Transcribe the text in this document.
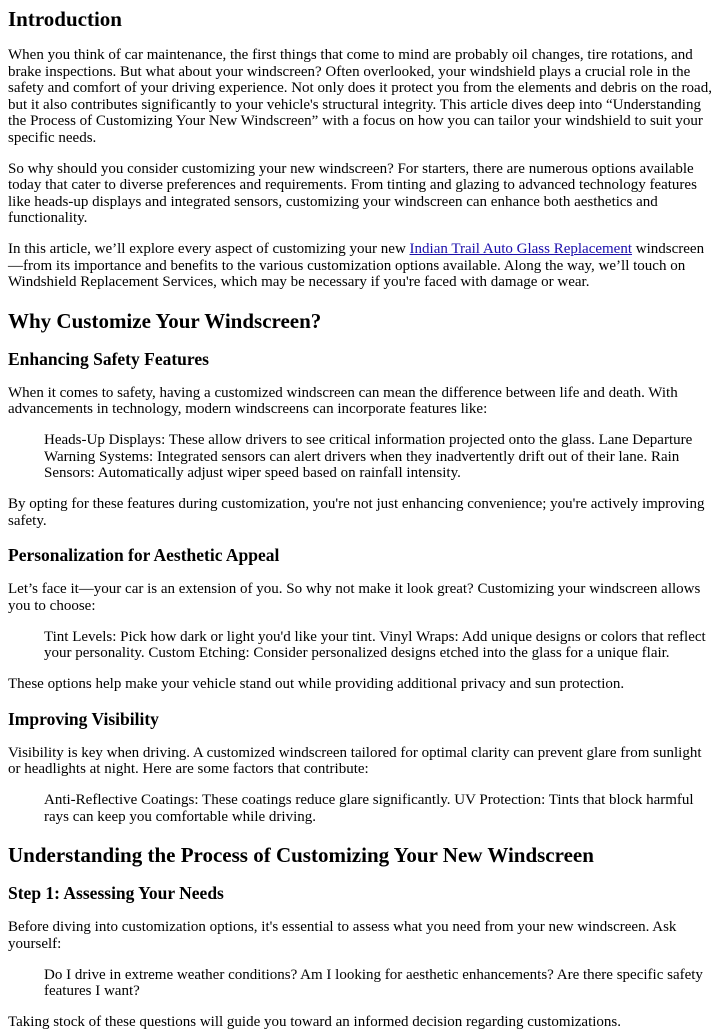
Introduction

When you think of car maintenance, the first things that come to mind are probably oil changes, tire rotations, and brake inspections. But what about your windscreen? Often overlooked, your windshield plays a crucial role in the safety and comfort of your driving experience. Not only does it protect you from the elements and debris on the road, but it also contributes significantly to your vehicle's structural integrity. This article dives deep into “Understanding the Process of Customizing Your New Windscreen” with a focus on how you can tailor your windshield to suit your specific needs.

So why should you consider customizing your new windscreen? For starters, there are numerous options available today that cater to diverse preferences and requirements. From tinting and glazing to advanced technology features like heads-up displays and integrated sensors, customizing your windscreen can enhance both aesthetics and functionality.

In this article, we’ll explore every aspect of customizing your new Indian Trail Auto Glass Replacement windscreen—from its importance and benefits to the various customization options available. Along the way, we’ll touch on Windshield Replacement Services, which may be necessary if you're faced with damage or wear.

Why Customize Your Windscreen?
Enhancing Safety Features

When it comes to safety, having a customized windscreen can mean the difference between life and death. With advancements in technology, modern windscreens can incorporate features like:

Heads-Up Displays: These allow drivers to see critical information projected onto the glass. Lane Departure Warning Systems: Integrated sensors can alert drivers when they inadvertently drift out of their lane. Rain Sensors: Automatically adjust wiper speed based on rainfall intensity.

By opting for these features during customization, you're not just enhancing convenience; you're actively improving safety.

Personalization for Aesthetic Appeal

Let’s face it—your car is an extension of you. So why not make it look great? Customizing your windscreen allows you to choose:

Tint Levels: Pick how dark or light you'd like your tint. Vinyl Wraps: Add unique designs or colors that reflect your personality. Custom Etching: Consider personalized designs etched into the glass for a unique flair.

These options help make your vehicle stand out while providing additional privacy and sun protection.

Improving Visibility

Visibility is key when driving. A customized windscreen tailored for optimal clarity can prevent glare from sunlight or headlights at night. Here are some factors that contribute:

Anti-Reflective Coatings: These coatings reduce glare significantly. UV Protection: Tints that block harmful rays can keep you comfortable while driving.
Understanding the Process of Customizing Your New Windscreen
Step 1: Assessing Your Needs

Before diving into customization options, it's essential to assess what you need from your new windscreen. Ask yourself:

Do I drive in extreme weather conditions? Am I looking for aesthetic enhancements? Are there specific safety features I want?

Taking stock of these questions will guide you toward an informed decision regarding customizations.
